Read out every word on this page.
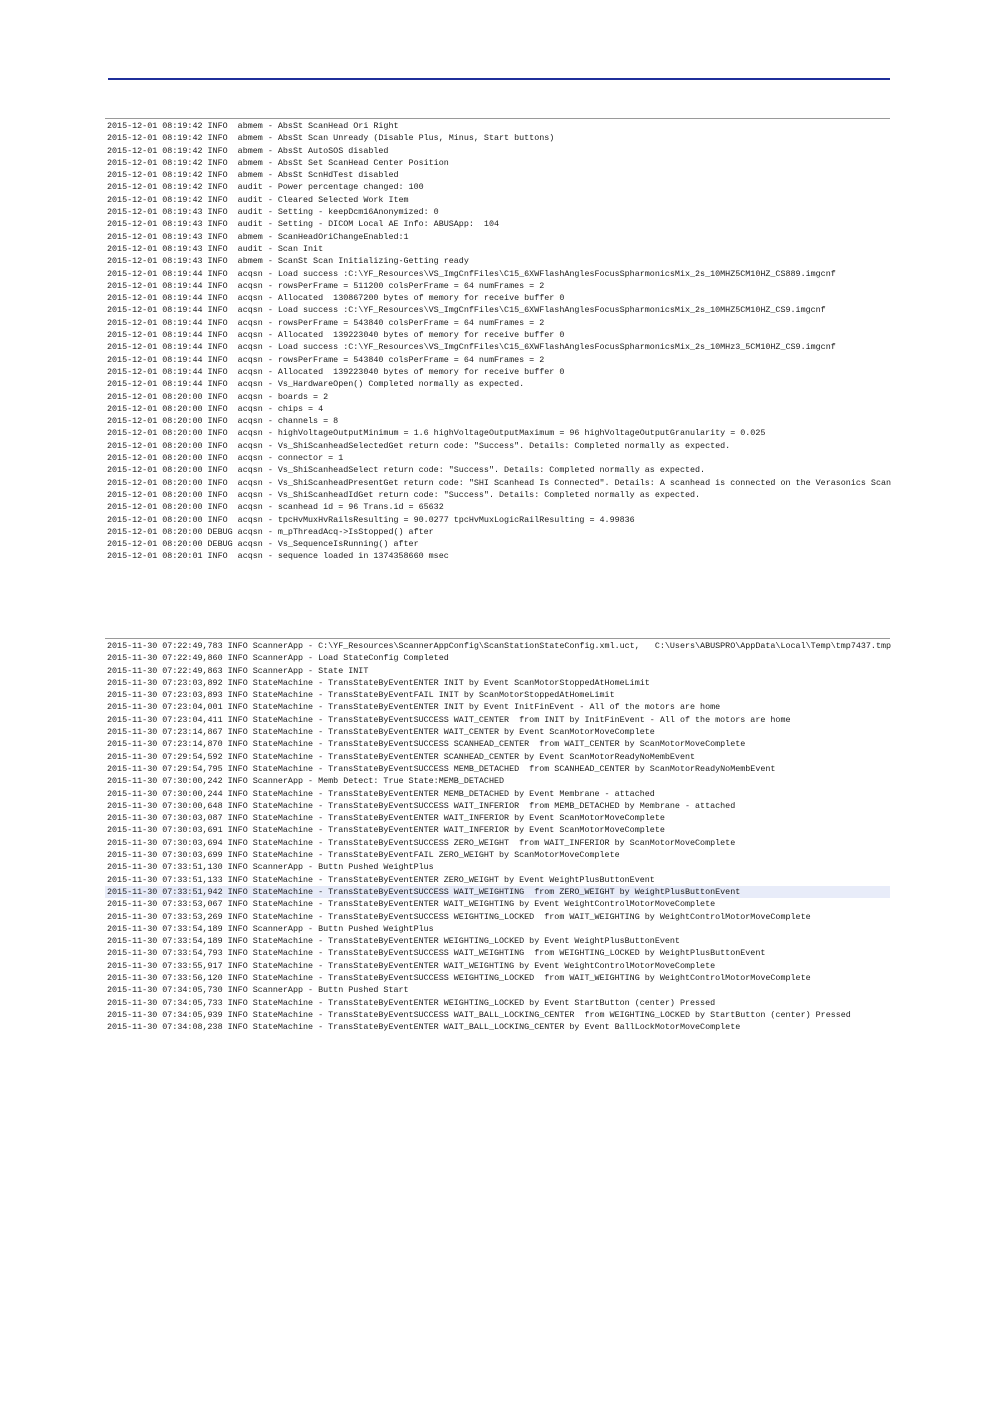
2015-12-01 08:19:42 INFO  abmem - AbsSt ScanHead Ori Right
2015-12-01 08:19:42 INFO  abmem - AbsSt Scan Unready (Disable Plus, Minus, Start buttons)
2015-12-01 08:19:42 INFO  abmem - AbsSt AutoSOS disabled
2015-12-01 08:19:42 INFO  abmem - AbsSt Set ScanHead Center Position
2015-12-01 08:19:42 INFO  abmem - AbsSt ScnHdTest disabled
2015-12-01 08:19:42 INFO  audit - Power percentage changed: 100
2015-12-01 08:19:42 INFO  audit - Cleared Selected Work Item
2015-12-01 08:19:43 INFO  audit - Setting - keepDcm16Anonymized: 0
2015-12-01 08:19:43 INFO  audit - Setting - DICOM Local AE Info: ABUSApp:  104
2015-12-01 08:19:43 INFO  abmem - ScanHeadOriChangeEnabled:1
2015-12-01 08:19:43 INFO  audit - Scan Init
2015-12-01 08:19:43 INFO  abmem - ScanSt Scan Initializing-Getting ready
2015-12-01 08:19:44 INFO  acqsn - Load success :C:\YF_Resources\VS_ImgCnfFiles\C15_6XWFlashAnglesFocusSpharmonicsMix_2s_10MHZ5CM10HZ_CS889.imgcnf
2015-12-01 08:19:44 INFO  acqsn - rowsPerFrame = 511200 colsPerFrame = 64 numFrames = 2
2015-12-01 08:19:44 INFO  acqsn - Allocated  130867200 bytes of memory for receive buffer 0
2015-12-01 08:19:44 INFO  acqsn - Load success :C:\YF_Resources\VS_ImgCnfFiles\C15_6XWFlashAnglesFocusSpharmonicsMix_2s_10MHZ5CM10HZ_CS9.imgcnf
2015-12-01 08:19:44 INFO  acqsn - rowsPerFrame = 543840 colsPerFrame = 64 numFrames = 2
2015-12-01 08:19:44 INFO  acqsn - Allocated  139223040 bytes of memory for receive buffer 0
2015-12-01 08:19:44 INFO  acqsn - Load success :C:\YF_Resources\VS_ImgCnfFiles\C15_6XWFlashAnglesFocusSpharmonicsMix_2s_10MHz3_5CM10HZ_CS9.imgcnf
2015-12-01 08:19:44 INFO  acqsn - rowsPerFrame = 543840 colsPerFrame = 64 numFrames = 2
2015-12-01 08:19:44 INFO  acqsn - Allocated  139223040 bytes of memory for receive buffer 0
2015-12-01 08:19:44 INFO  acqsn - Vs_HardwareOpen() Completed normally as expected.
2015-12-01 08:20:00 INFO  acqsn - boards = 2
2015-12-01 08:20:00 INFO  acqsn - chips = 4
2015-12-01 08:20:00 INFO  acqsn - channels = 8
2015-12-01 08:20:00 INFO  acqsn - highVoltageOutputMinimum = 1.6 highVoltageOutputMaximum = 96 highVoltageOutputGranularity = 0.025
2015-12-01 08:20:00 INFO  acqsn - Vs_ShiScanheadSelectedGet return code: "Success". Details: Completed normally as expected.
2015-12-01 08:20:00 INFO  acqsn - connector = 1
2015-12-01 08:20:00 INFO  acqsn - Vs_ShiScanheadSelect return code: "Success". Details: Completed normally as expected.
2015-12-01 08:20:00 INFO  acqsn - Vs_ShiScanheadPresentGet return code: "SHI Scanhead Is Connected". Details: A scanhead is connected on the Verasonics Scan
2015-12-01 08:20:00 INFO  acqsn - Vs_ShiScanheadIdGet return code: "Success". Details: Completed normally as expected.
2015-12-01 08:20:00 INFO  acqsn - scanhead id = 96 Trans.id = 65632
2015-12-01 08:20:00 INFO  acqsn - tpcHvMuxHvRailsResulting = 90.0277 tpcHvMuxLogicRailResulting = 4.99836
2015-12-01 08:20:00 DEBUG acqsn - m_pThreadAcq->IsStopped() after
2015-12-01 08:20:00 DEBUG acqsn - Vs_SequenceIsRunning() after
2015-12-01 08:20:01 INFO  acqsn - sequence loaded in 1374358660 msec
2015-11-30 07:22:49,783 INFO ScannerApp - C:\YF_Resources\ScannerAppConfig\ScanStationStateConfig.xml.uct,   C:\Users\ABUSPRO\AppData\Local\Temp\tmp7437.tmp
2015-11-30 07:22:49,860 INFO ScannerApp - Load StateConfig Completed
2015-11-30 07:22:49,863 INFO ScannerApp - State INIT
2015-11-30 07:23:03,892 INFO StateMachine - TransStateByEventENTER INIT by Event ScanMotorStoppedAtHomeLimit
2015-11-30 07:23:03,893 INFO StateMachine - TransStateByEventFAIL INIT by ScanMotorStoppedAtHomeLimit
2015-11-30 07:23:04,001 INFO StateMachine - TransStateByEventENTER INIT by Event InitFinEvent - All of the motors are home
2015-11-30 07:23:04,411 INFO StateMachine - TransStateByEventSUCCESS WAIT_CENTER  from INIT by InitFinEvent - All of the motors are home
2015-11-30 07:23:14,867 INFO StateMachine - TransStateByEventENTER WAIT_CENTER by Event ScanMotorMoveComplete
2015-11-30 07:23:14,870 INFO StateMachine - TransStateByEventSUCCESS SCANHEAD_CENTER  from WAIT_CENTER by ScanMotorMoveComplete
2015-11-30 07:29:54,592 INFO StateMachine - TransStateByEventENTER SCANHEAD_CENTER by Event ScanMotorReadyNoMembEvent
2015-11-30 07:29:54,795 INFO StateMachine - TransStateByEventSUCCESS MEMB_DETACHED  from SCANHEAD_CENTER by ScanMotorReadyNoMembEvent
2015-11-30 07:30:00,242 INFO ScannerApp - Memb Detect: True State:MEMB_DETACHED
2015-11-30 07:30:00,244 INFO StateMachine - TransStateByEventENTER MEMB_DETACHED by Event Membrane - attached
2015-11-30 07:30:00,648 INFO StateMachine - TransStateByEventSUCCESS WAIT_INFERIOR  from MEMB_DETACHED by Membrane - attached
2015-11-30 07:30:03,087 INFO StateMachine - TransStateByEventENTER WAIT_INFERIOR by Event ScanMotorMoveComplete
2015-11-30 07:30:03,691 INFO StateMachine - TransStateByEventENTER WAIT_INFERIOR by Event ScanMotorMoveComplete
2015-11-30 07:30:03,694 INFO StateMachine - TransStateByEventSUCCESS ZERO_WEIGHT  from WAIT_INFERIOR by ScanMotorMoveComplete
2015-11-30 07:30:03,699 INFO StateMachine - TransStateByEventFAIL ZERO_WEIGHT by ScanMotorMoveComplete
2015-11-30 07:33:51,130 INFO ScannerApp - Buttn Pushed WeightPlus
2015-11-30 07:33:51,133 INFO StateMachine - TransStateByEventENTER ZERO_WEIGHT by Event WeightPlusButtonEvent
2015-11-30 07:33:51,942 INFO StateMachine - TransStateByEventSUCCESS WAIT_WEIGHTING  from ZERO_WEIGHT by WeightPlusButtonEvent
2015-11-30 07:33:53,067 INFO StateMachine - TransStateByEventENTER WAIT_WEIGHTING by Event WeightControlMotorMoveComplete
2015-11-30 07:33:53,269 INFO StateMachine - TransStateByEventSUCCESS WEIGHTING_LOCKED  from WAIT_WEIGHTING by WeightControlMotorMoveComplete
2015-11-30 07:33:54,189 INFO ScannerApp - Buttn Pushed WeightPlus
2015-11-30 07:33:54,189 INFO StateMachine - TransStateByEventENTER WEIGHTING_LOCKED by Event WeightPlusButtonEvent
2015-11-30 07:33:54,793 INFO StateMachine - TransStateByEventSUCCESS WAIT_WEIGHTING  from WEIGHTING_LOCKED by WeightPlusButtonEvent
2015-11-30 07:33:55,917 INFO StateMachine - TransStateByEventENTER WAIT_WEIGHTING by Event WeightControlMotorMoveComplete
2015-11-30 07:33:56,120 INFO StateMachine - TransStateByEventSUCCESS WEIGHTING_LOCKED  from WAIT_WEIGHTING by WeightControlMotorMoveComplete
2015-11-30 07:34:05,730 INFO ScannerApp - Buttn Pushed Start
2015-11-30 07:34:05,733 INFO StateMachine - TransStateByEventENTER WEIGHTING_LOCKED by Event StartButton (center) Pressed
2015-11-30 07:34:05,939 INFO StateMachine - TransStateByEventSUCCESS WAIT_BALL_LOCKING_CENTER  from WEIGHTING_LOCKED by StartButton (center) Pressed
2015-11-30 07:34:08,238 INFO StateMachine - TransStateByEventENTER WAIT_BALL_LOCKING_CENTER by Event BallLockMotorMoveComplete
